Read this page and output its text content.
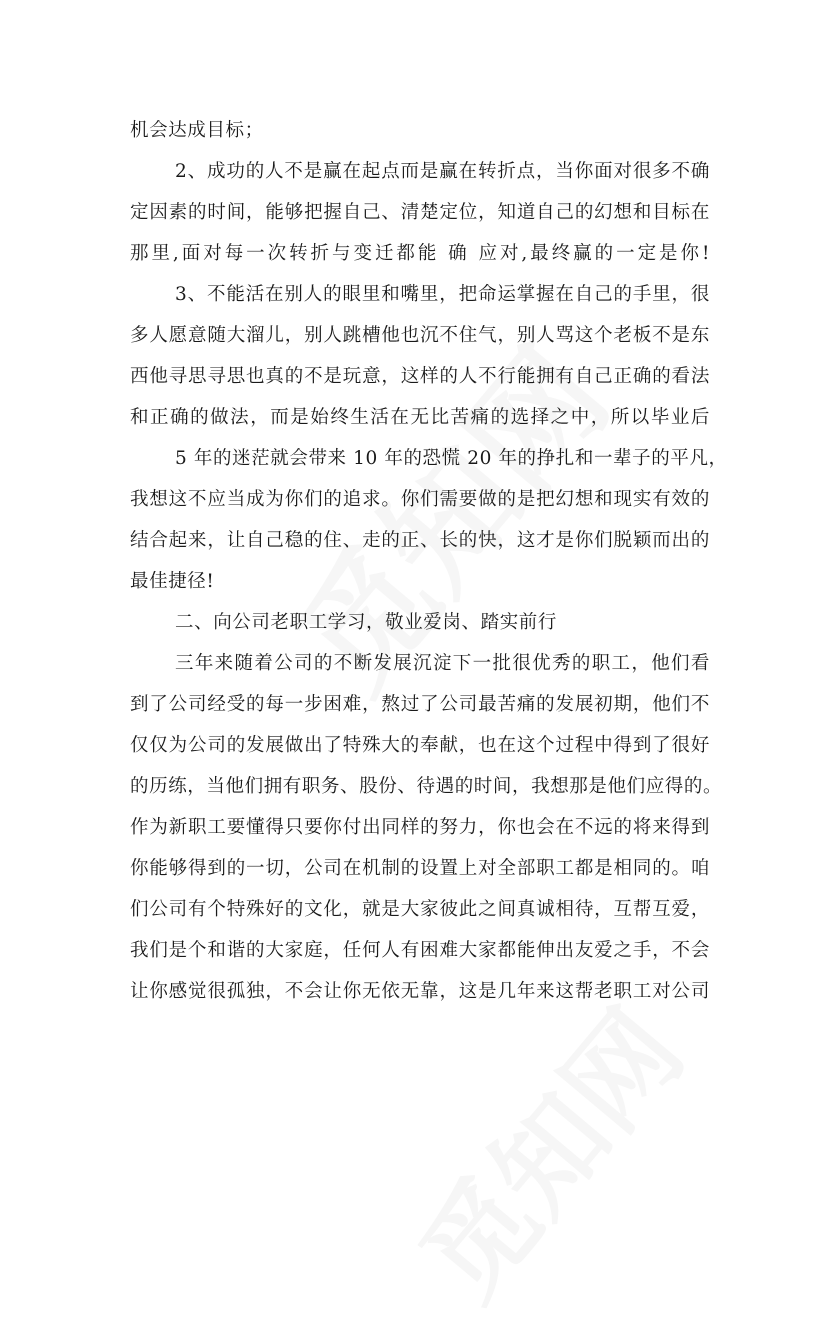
机会达成目标；
2、成功的人不是赢在起点而是赢在转折点，当你面对很多不确
定因素的时间，能够把握自己、清楚定位，知道自己的幻想和目标在
那里,面对每一次转折与变迁都能 确 应对,最终赢的一定是你!
3、不能活在别人的眼里和嘴里，把命运掌握在自己的手里，很
多人愿意随大溜儿，别人跳槽他也沉不住气，别人骂这个老板不是东
西他寻思寻思也真的不是玩意，这样的人不行能拥有自己正确的看法
和正确的做法，而是始终生活在无比苦痛的选择之中，所以毕业后
5 年的迷茫就会带来 10 年的恐慌 20 年的挣扎和一辈子的平凡，
我想这不应当成为你们的追求。你们需要做的是把幻想和现实有效的
结合起来，让自己稳的住、走的正、长的快，这才是你们脱颖而出的
最佳捷径!
二、向公司老职工学习，敬业爱岗、踏实前行
三年来随着公司的不断发展沉淀下一批很优秀的职工，他们看
到了公司经受的每一步困难，熬过了公司最苦痛的发展初期，他们不
仅仅为公司的发展做出了特殊大的奉献，也在这个过程中得到了很好
的历练，当他们拥有职务、股份、待遇的时间，我想那是他们应得的。
作为新职工要懂得只要你付出同样的努力，你也会在不远的将来得到
你能够得到的一切，公司在机制的设置上对全部职工都是相同的。咱
们公司有个特殊好的文化，就是大家彼此之间真诚相待，互帮互爱，
我们是个和谐的大家庭，任何人有困难大家都能伸出友爱之手，不会
让你感觉很孤独，不会让你无依无靠，这是几年来这帮老职工对公司
